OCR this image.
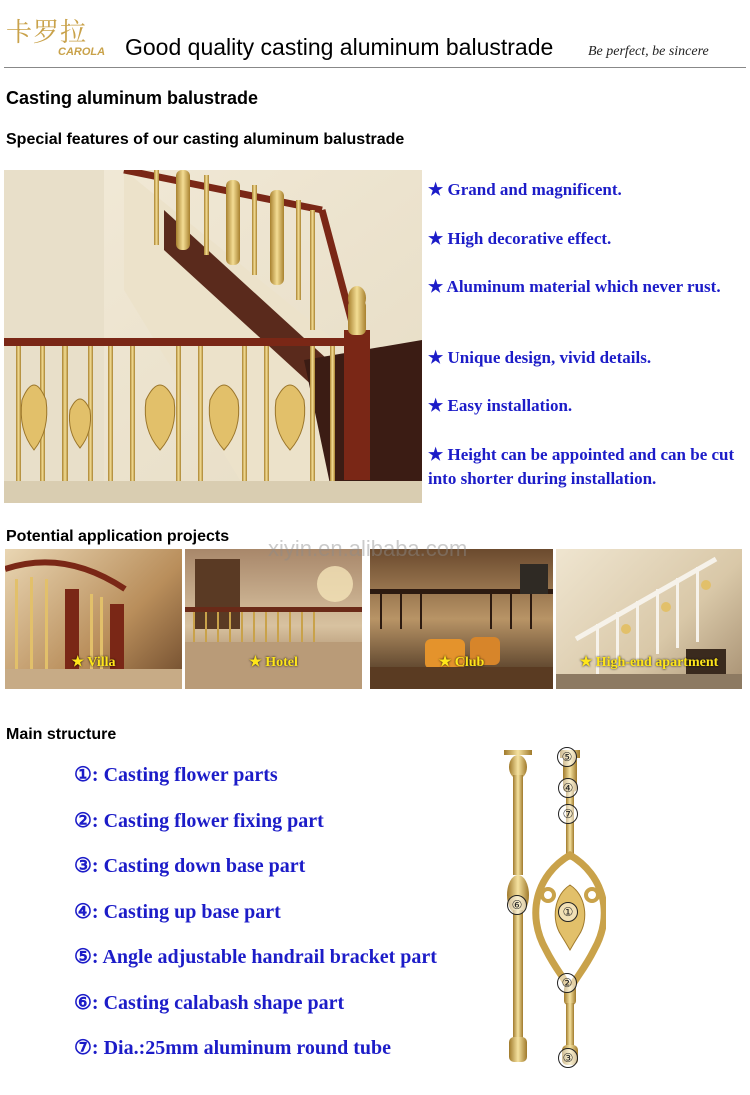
卡罗拉
CAROLA Good quality casting aluminum balustrade Be perfect, be sincere
Casting aluminum balustrade
Special features of our casting aluminum balustrade
★ Grand and magnificent.
★ High decorative effect.
★ Aluminum material which never rust.
★ Unique design, vivid details.
★ Easy installation.
★ Height can be appointed and can be cut into shorter during installation.
Potential application projects
★ Villa	★ Hotel	★ Club	★ High-end apartment
xiyin.en.alibaba.com
Main structure
①: Casting flower parts
②: Casting flower fixing part
③: Casting down base part
④: Casting up base part
⑤: Angle adjustable handrail bracket part
⑥: Casting calabash shape part
⑦: Dia.:25mm aluminum round tube
⑤
④
⑦
⑥	①
②
③
